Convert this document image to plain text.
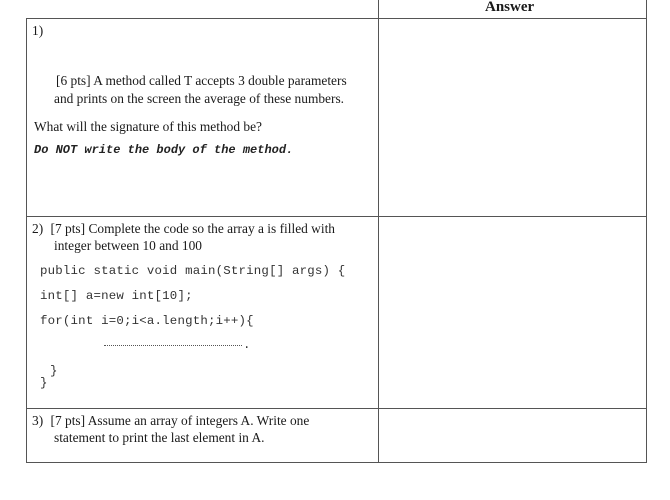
Answer
1)
[6 pts] A method called T accepts 3 double parameters
and prints on the screen the average of these numbers.
What will the signature of this method be?
Do NOT write the body of the method.
2) [7 pts] Complete the code so the array a is filled with
integer between 10 and 100
public static void main(String[] args) {
int[] a=new int[10];
for(int i=0;i<a.length;i++){
.
}
}
3) [7 pts] Assume an array of integers A. Write one
statement to print the last element in A.
